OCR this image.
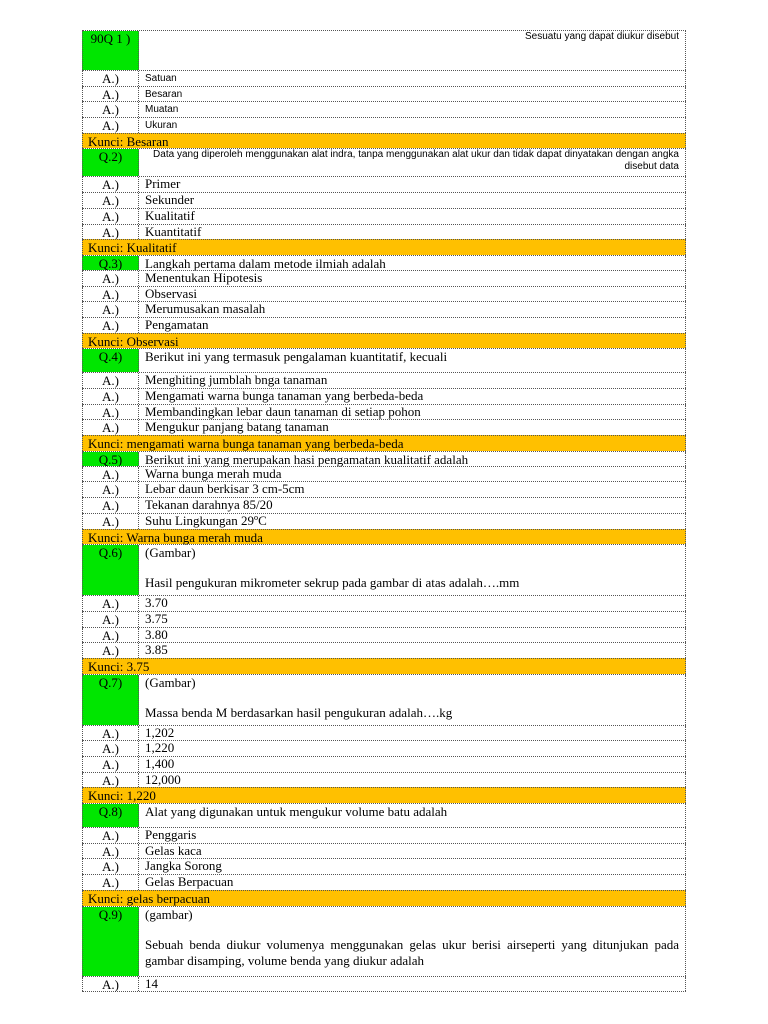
90Q 1 )	Sesuatu yang dapat diukur disebut
A.)	Satuan
A.)	Besaran
A.)	Muatan
A.)	Ukuran
Kunci: Besaran
Q.2)	Data yang diperoleh menggunakan alat indra, tanpa menggunakan alat ukur dan tidak dapat dinyatakan dengan angka disebut data
A.)	Primer
A.)	Sekunder
A.)	Kualitatif
A.)	Kuantitatif
Kunci: Kualitatif
Q.3)	Langkah pertama dalam metode ilmiah adalah
A.)	Menentukan Hipotesis
A.)	Observasi
A.)	Merumusakan masalah
A.)	Pengamatan
Kunci: Observasi
Q.4)	Berikut ini yang termasuk pengalaman kuantitatif, kecuali
A.)	Menghiting jumblah bnga tanaman
A.)	Mengamati warna bunga tanaman yang berbeda-beda
A.)	Membandingkan lebar daun tanaman di setiap pohon
A.)	Mengukur panjang batang tanaman
Kunci: mengamati warna bunga tanaman yang berbeda-beda
Q.5)	Berikut ini yang merupakan hasi pengamatan kualitatif adalah
A.)	Warna bunga merah muda
A.)	Lebar daun berkisar 3 cm-5cm
A.)	Tekanan darahnya 85/20
A.)	Suhu Lingkungan 29ºC
Kunci: Warna bunga merah muda
Q.6)	(Gambar)
Hasil pengukuran mikrometer sekrup pada gambar di atas adalah….mm
A.)	3.70
A.)	3.75
A.)	3.80
A.)	3.85
Kunci: 3.75
Q.7)	(Gambar)
Massa benda M berdasarkan hasil pengukuran adalah….kg
A.)	1,202
A.)	1,220
A.)	1,400
A.)	12,000
Kunci: 1,220
Q.8)	Alat yang digunakan untuk mengukur volume batu adalah
A.)	Penggaris
A.)	Gelas kaca
A.)	Jangka Sorong
A.)	Gelas Berpacuan
Kunci: gelas berpacuan
Q.9)	(gambar)
Sebuah benda diukur volumenya menggunakan gelas ukur berisi airseperti yang ditunjukan pada gambar disamping, volume benda yang diukur adalah
A.)	14
